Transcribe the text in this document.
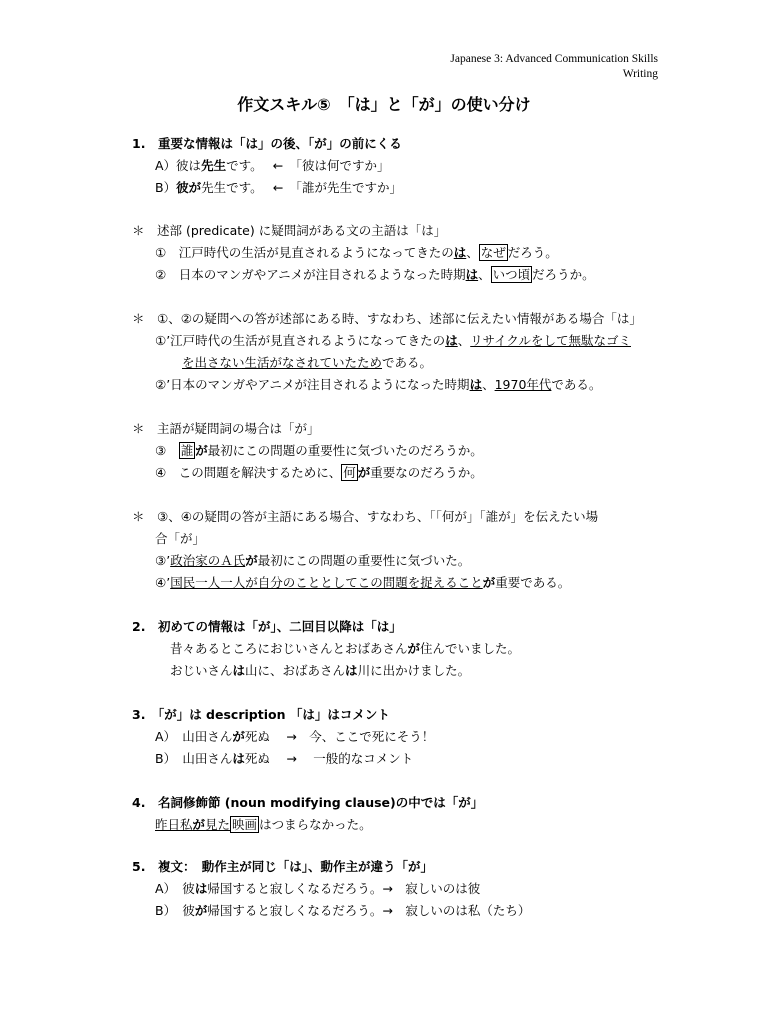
Japanese 3: Advanced Communication Skills
Writing
作文スキル⑤　「は」と「が」の使い分け
1.　重要な情報は「は」の後、「が」の前にくる
A）彼は先生です。　 ←　「彼は何ですか」
B）彼が先生です。　 ←　「誰が先生ですか」
＊　述部 (predicate) に疑問詞がある文の主語は「は」
①　江戸時代の生活が見直されるようになってきたのは、 なぜ だろう。
②　日本のマンガやアニメが注目されるようなった時期は、 いつ頃 だろうか。
＊　①、②の疑問への答が述部にある時、すなわち、述部に伝えたい情報がある場合「は」
①’江戸時代の生活が見直されるようになってきたのは、リサイクルをして無駄なゴミ
を出さない生活がなされていたためである。
②’日本のマンガやアニメが注目されるようになった時期は、1970年代である。
＊　主語が疑問詞の場合は「が」
③　誰 が最初にこの問題の重要性に気づいたのだろうか。
④　この問題を解決するために、 何 が重要なのだろうか。
＊　③、④の疑問の答が主語にある場合、すなわち、「「何が」「誰が」を伝えたい場
合「が」
③’政治家のＡ氏が最初にこの問題の重要性に気づいた。
④’国民一人一人が自分のこととしてこの問題を捉えることが重要である。
2.　初めての情報は「が」、二回目以降は「は」
昔々あるところにおじいさんとおばあさんが住んでいました。
おじいさんは山に、おばあさんは川に出かけました。
3.　「が」は description 「は」はコメント
A）　山田さんが死ぬ　 →　今、ここで死にそう！
B）　山田さんは死ぬ　 →　 一般的なコメント
4.　名詞修飾節 (noun modifying clause)の中では「が」
昨日私が見た 映画 はつまらなかった。
5.　複文：　動作主が同じ「は」、動作主が違う「が」
A）　彼は帰国すると寂しくなるだろう。→　寂しいのは彼
B）　彼が帰国すると寂しくなるだろう。→　寂しいのは私（たち）
